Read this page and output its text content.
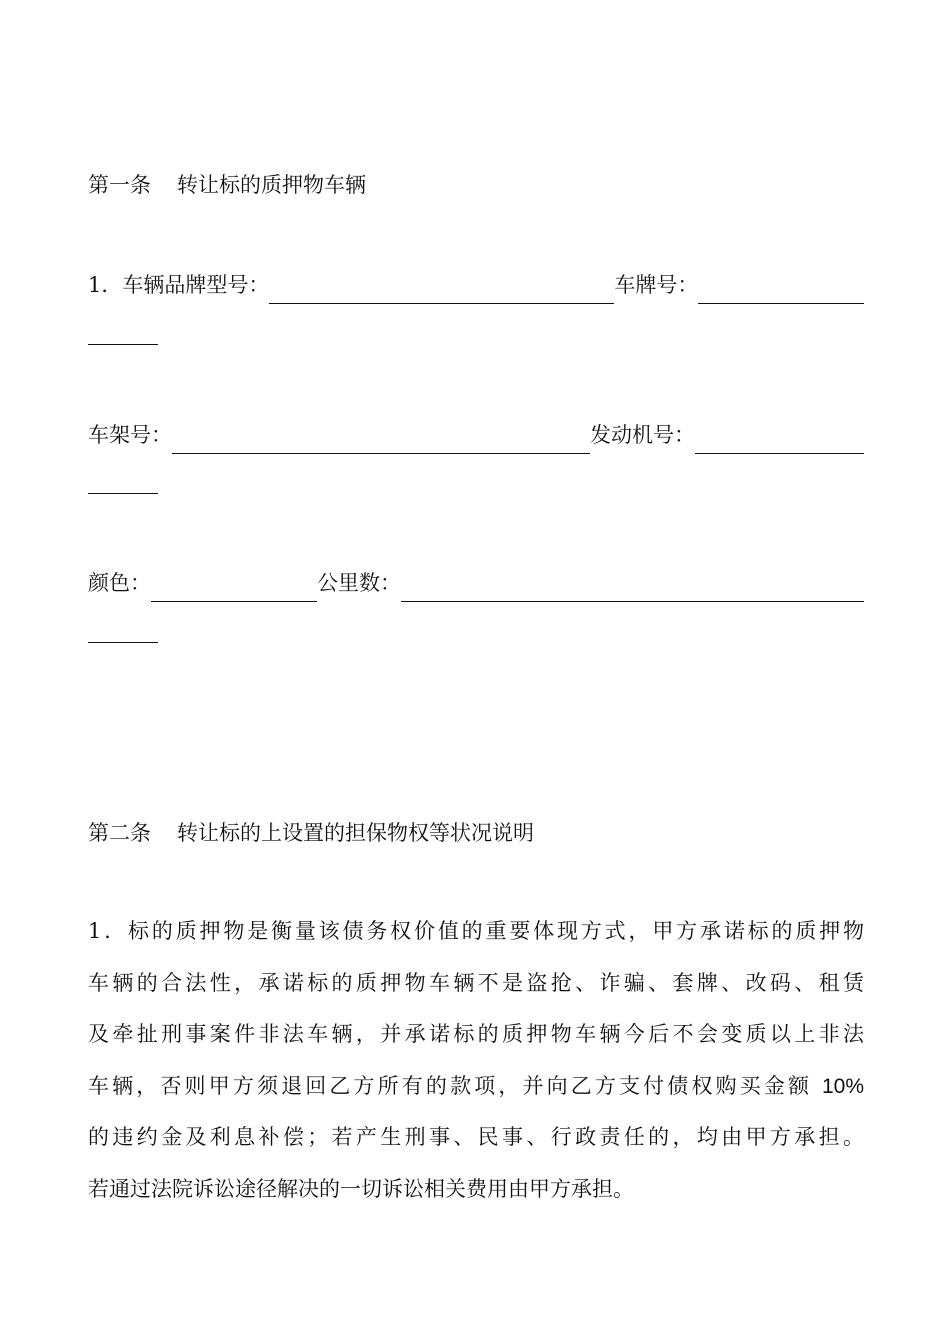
第一条 转让标的质押物车辆
1． 车辆品牌型号：	车牌号：
车架号：	发动机号：
颜色：	公里数：
第二条 转让标的上设置的担保物权等状况说明
1．标的质押物是衡量该债务权价值的重要体现方式，甲方承诺标的质押物
车辆的合法性，承诺标的质押物车辆不是盗抢、诈骗、套牌、改码、租赁
及牵扯刑事案件非法车辆，并承诺标的质押物车辆今后不会变质以上非法
车辆，否则甲方须退回乙方所有的款项，并向乙方支付债权购买金额 10%
的违约金及利息补偿；若产生刑事、民事、行政责任的，均由甲方承担。
若通过法院诉讼途径解决的一切诉讼相关费用由甲方承担。
